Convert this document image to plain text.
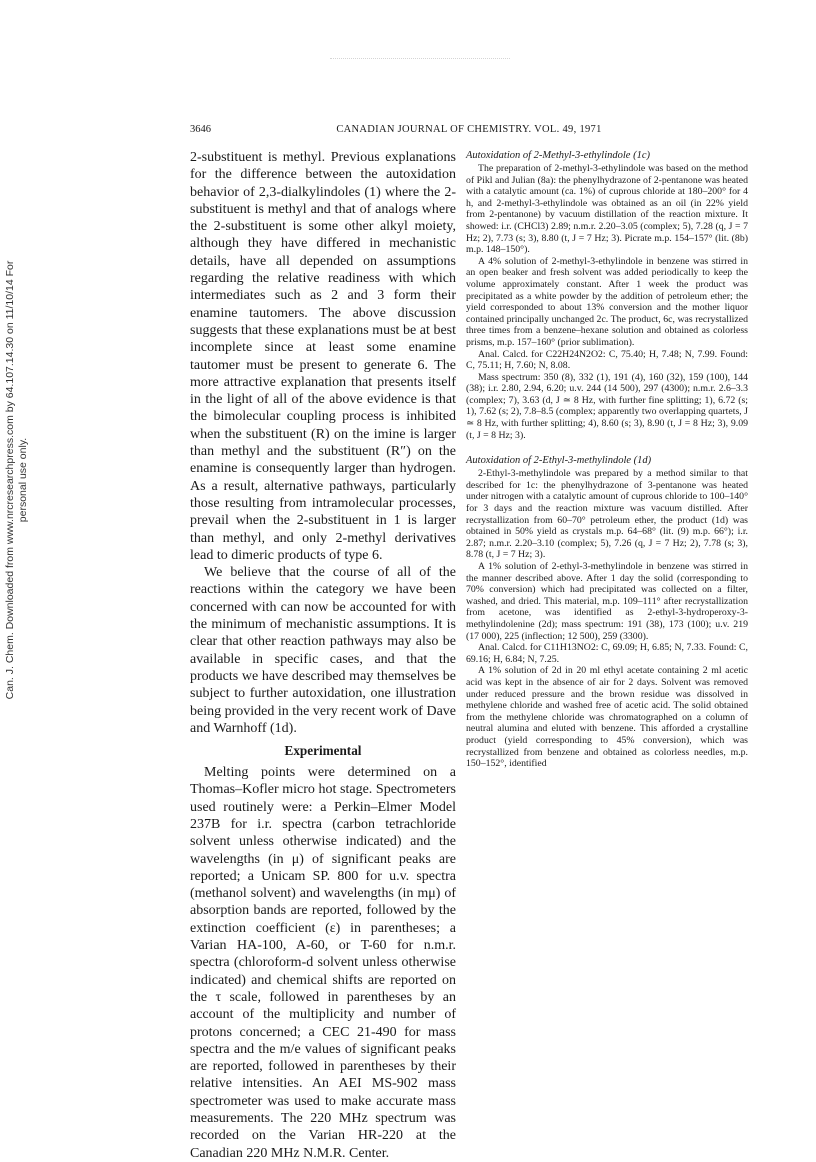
Can. J. Chem. Downloaded from www.nrcresearchpress.com by 64.107.14.30 on 11/10/14 For personal use only.
CANADIAN JOURNAL OF CHEMISTRY. VOL. 49, 1971
3646

2-substituent is methyl. Previous explanations for the difference between the autoxidation behavior of 2,3-dialkylindoles (1) where the 2-substituent is methyl and that of analogs where the 2-substituent is some other alkyl moiety, although they have differed in mechanistic details, have all depended on assumptions regarding the relative readiness with which intermediates such as 2 and 3 form their enamine tautomers. The above discussion suggests that these explanations must be at best incomplete since at least some enamine tautomer must be present to generate 6. The more attractive explanation that presents itself in the light of all of the above evidence is that the bimolecular coupling process is inhibited when the substituent (R) on the imine is larger than methyl and the substituent (R″) on the enamine is consequently larger than hydrogen. As a result, alternative pathways, particularly those resulting from intramolecular processes, prevail when the 2-substituent in 1 is larger than methyl, and only 2-methyl derivatives lead to dimeric products of type 6.

We believe that the course of all of the reactions within the category we have been concerned with can now be accounted for with the minimum of mechanistic assumptions. It is clear that other reaction pathways may also be available in specific cases, and that the products we have described may themselves be subject to further autoxidation, one illustration being provided in the very recent work of Dave and Warnhoff (1d).

Experimental

Melting points were determined on a Thomas–Kofler micro hot stage. Spectrometers used routinely were: a Perkin–Elmer Model 237B for i.r. spectra (carbon tetrachloride solvent unless otherwise indicated) and the wavelengths (in μ) of significant peaks are reported; a Unicam SP. 800 for u.v. spectra (methanol solvent) and wavelengths (in mμ) of absorption bands are reported, followed by the extinction coefficient (ε) in parentheses; a Varian HA-100, A-60, or T-60 for n.m.r. spectra (chloroform-d solvent unless otherwise indicated) and chemical shifts are reported on the τ scale, followed in parentheses by an account of the multiplicity and number of protons concerned; a CEC 21-490 for mass spectra and the m/e values of significant peaks are reported, followed in parentheses by their relative intensities. An AEI MS-902 mass spectrometer was used to make accurate mass measurements. The 220 MHz spectrum was recorded on the Varian HR-220 at the Canadian 220 MHz N.M.R. Center.

Autoxidation of 2-Methyl-3-ethylindole (1c)

The preparation of 2-methyl-3-ethylindole was based on the method of Pikl and Julian (8a): the phenylhydrazone of 2-pentanone was heated with a catalytic amount (ca. 1%) of cuprous chloride at 180–200° for 4 h, and 2-methyl-3-ethylindole was obtained as an oil (in 22% yield from 2-pentanone) by vacuum distillation of the reaction mixture. It showed: i.r. (CHCl3) 2.89; n.m.r. 2.20–3.05 (complex; 5), 7.28 (q, J = 7 Hz; 2), 7.73 (s; 3), 8.80 (t, J = 7 Hz; 3). Picrate m.p. 154–157° (lit. (8b) m.p. 148–150°).

A 4% solution of 2-methyl-3-ethylindole in benzene was stirred in an open beaker and fresh solvent was added periodically to keep the volume approximately constant. After 1 week the product was precipitated as a white powder by the addition of petroleum ether; the yield corresponded to about 13% conversion and the mother liquor contained principally unchanged 2c. The product, 6c, was recrystallized three times from a benzene–hexane solution and obtained as colorless prisms, m.p. 157–160° (prior sublimation).

Anal. Calcd. for C22H24N2O2: C, 75.40; H, 7.48; N, 7.99. Found: C, 75.11; H, 7.60; N, 8.08.

Mass spectrum: 350 (8), 332 (1), 191 (4), 160 (32), 159 (100), 144 (38); i.r. 2.80, 2.94, 6.20; u.v. 244 (14 500), 297 (4300); n.m.r. 2.6–3.3 (complex; 7), 3.63 (d, J ≃ 8 Hz, with further fine splitting; 1), 6.72 (s; 1), 7.62 (s; 2), 7.8–8.5 (complex; apparently two overlapping quartets, J ≃ 8 Hz, with further splitting; 4), 8.60 (s; 3), 8.90 (t, J = 8 Hz; 3), 9.09 (t, J = 8 Hz; 3).

Autoxidation of 2-Ethyl-3-methylindole (1d)

2-Ethyl-3-methylindole was prepared by a method similar to that described for 1c: the phenylhydrazone of 3-pentanone was heated under nitrogen with a catalytic amount of cuprous chloride to 100–140° for 3 days and the reaction mixture was vacuum distilled. After recrystallization from 60–70° petroleum ether, the product (1d) was obtained in 50% yield as crystals m.p. 64–68° (lit. (9) m.p. 66°); i.r. 2.87; n.m.r. 2.20–3.10 (complex; 5), 7.26 (q, J = 7 Hz; 2), 7.78 (s; 3), 8.78 (t, J = 7 Hz; 3).

A 1% solution of 2-ethyl-3-methylindole in benzene was stirred in the manner described above. After 1 day the solid (corresponding to 70% conversion) which had precipitated was collected on a filter, washed, and dried. This material, m.p. 109–111° after recrystallization from acetone, was identified as 2-ethyl-3-hydroperoxy-3-methylindolenine (2d); mass spectrum: 191 (38), 173 (100); u.v. 219 (17 000), 225 (inflection; 12 500), 259 (3300).

Anal. Calcd. for C11H13NO2: C, 69.09; H, 6.85; N, 7.33. Found: C, 69.16; H, 6.84; N, 7.25.

A 1% solution of 2d in 20 ml ethyl acetate containing 2 ml acetic acid was kept in the absence of air for 2 days. Solvent was removed under reduced pressure and the brown residue was dissolved in methylene chloride and washed free of acetic acid. The solid obtained from the methylene chloride was chromatographed on a column of neutral alumina and eluted with benzene. This afforded a crystalline product (yield corresponding to 45% conversion), which was recrystallized from benzene and obtained as colorless needles, m.p. 150–152°, identified
